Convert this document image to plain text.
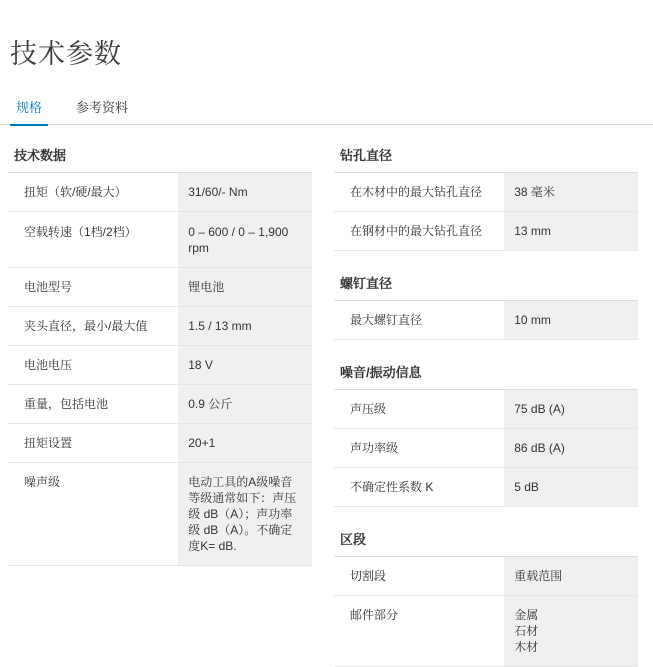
技术参数
规格	参考资料
技术数据
扭矩（软/硬/最大）	31/60/- Nm
空载转速（1档/2档）	0 – 600 / 0 – 1,900 rpm
电池型号	锂电池
夹头直径，最小/最大值	1.5 / 13 mm
电池电压	18 V
重量，包括电池	0.9 公斤
扭矩设置	20+1
噪声级	电动工具的A级噪音等级通常如下：声压级 dB（A）；声功率级 dB（A）。不确定度K= dB.
钻孔直径
在木材中的最大钻孔直径	38 毫米
在钢材中的最大钻孔直径	13 mm
螺钉直径
最大螺钉直径	10 mm
噪音/振动信息
声压级	75 dB (A)
声功率级	86 dB (A)
不确定性系数 K	5 dB
区段
切割段	重载范围
邮件部分	金属
石材
木材
